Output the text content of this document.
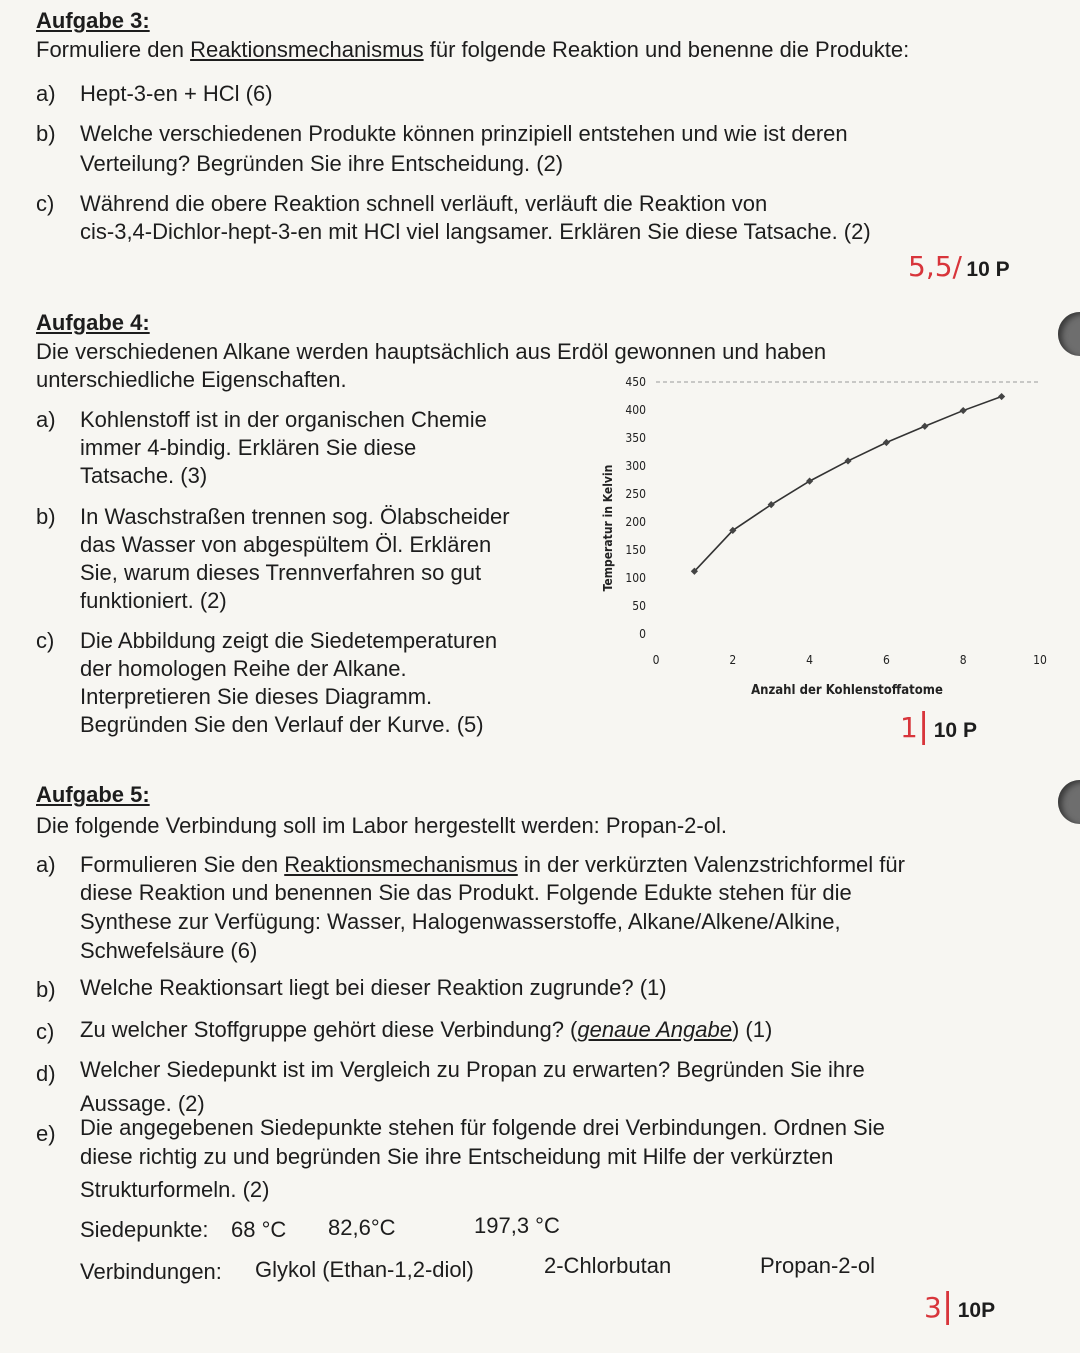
Aufgabe 3:
Formuliere den Reaktionsmechanismus für folgende Reaktion und benenne die Produkte:
a) Hept-3-en + HCl (6)
b) Welche verschiedenen Produkte können prinzipiell entstehen und wie ist deren
Verteilung? Begründen Sie ihre Entscheidung. (2)
c) Während die obere Reaktion schnell verläuft, verläuft die Reaktion von
cis-3,4-Dichlor-hept-3-en mit HCl viel langsamer. Erklären Sie diese Tatsache. (2)
5,5/ 10 P
Aufgabe 4:
Die verschiedenen Alkane werden hauptsächlich aus Erdöl gewonnen und haben
unterschiedliche Eigenschaften.
a) Kohlenstoff ist in der organischen Chemie
immer 4-bindig. Erklären Sie diese
Tatsache. (3)
b) In Waschstraßen trennen sog. Ölabscheider
das Wasser von abgespültem Öl. Erklären
Sie, warum dieses Trennverfahren so gut
funktioniert. (2)
c) Die Abbildung zeigt die Siedetemperaturen
der homologen Reihe der Alkane.
Interpretieren Sie dieses Diagramm.
Begründen Sie den Verlauf der Kurve. (5)
0
50
100
150
200
250
300
350
400
450
0	2	4	6	8	10
Temperatur in Kelvin
Anzahl der Kohlenstoffatome
1| 10 P
Aufgabe 5:
Die folgende Verbindung soll im Labor hergestellt werden: Propan-2-ol.
a) Formulieren Sie den Reaktionsmechanismus in der verkürzten Valenzstrichformel für
diese Reaktion und benennen Sie das Produkt. Folgende Edukte stehen für die
Synthese zur Verfügung: Wasser, Halogenwasserstoffe, Alkane/Alkene/Alkine,
Schwefelsäure (6)
b) Welche Reaktionsart liegt bei dieser Reaktion zugrunde? (1)
c) Zu welcher Stoffgruppe gehört diese Verbindung? (genaue Angabe) (1)
d) Welcher Siedepunkt ist im Vergleich zu Propan zu erwarten? Begründen Sie ihre
Aussage. (2)
e) Die angegebenen Siedepunkte stehen für folgende drei Verbindungen. Ordnen Sie
diese richtig zu und begründen Sie ihre Entscheidung mit Hilfe der verkürzten
Strukturformeln. (2)
Siedepunkte: 68 °C 82,6°C	197,3 °C
Verbindungen: Glykol (Ethan-1,2-diol)	2-Chlorbutan	Propan-2-ol
3| 10P
